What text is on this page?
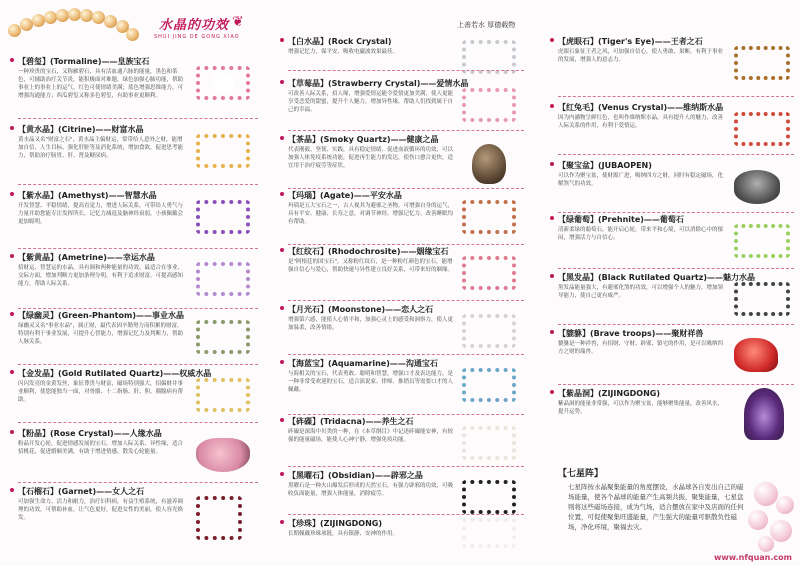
水晶的功效
SHUI JING DE GONG XIAO
❦	上善若水 厚德载物
【碧玺】(Tormaline)——皇族宝石
一种珍贵的宝石，又称雁碧石，具有活血通六脉的能量，黑色和茶色，可辅助治疗关节炎，能积极面对难题，绿色加强心肺功能，帮助事业上的事业上的运气。红色可使情绪美满；蓝色增强思维能力，可增强沟通能力；西瓜碧玺又称多色碧玺，有助事业更顺利。
【黄水晶】(Citrine)——财富水晶
黄水晶又名"财富之石"，黄水晶主偏财运，常带给人意外之财，能增加自信，人生目标、强化肝脏等及消化系统，增加食欲，促进思考能力，帮助治疗肠胃、肝、肾及糖尿病。
【紫水晶】(Amethyst)——智慧水晶
开发智慧、平稳情绪，提高直觉力，增进人际关系，可带给人勇气与力量并助您能专注发挥所长，记忆力减退及脑神经衰弱，小孩佩戴会更加聪明。
【紫黄晶】(Ametrine)——幸运水晶
招财运、智慧运的水晶，具有调和两种能量的功效，最适合在事业、交际方面，增加判断力更加条理分明，有利于追求财富。可提高感知能力，帮助人际关系。
【绿幽灵】(Green-Phantom)——事业水晶
绿幽灵又名"事业水晶"，属正财，最代表因辛勤努力而积累的财富，特别有利于事业发展，可提升心智能力，增强记忆力及判断力，帮助人脉关系。
【金发晶】(Gold Rutilated Quartz)——权威水晶
闪闪发亮的金黄发丝，象征尊贵与财富，磁场特别强大，招偏财并事业顺利，使您能独当一面，对骨骼、十二指肠、肝、胆、胰腺病有帮助。
【粉晶】(Rose Crystal)——人缘水晶
粉晶开发心轮，促进情感发展的宝石，增加人际关系、异性缘，适合招桃花、促进婚姻美满，有助于增进情感，散发心轮能量。
【石榴石】(Garnet)——女人之石
可加强生命力、活力和耐力，治疗妇科病，有益生殖系统，有滋养调理的功效，可帮助补血，让气色更好，促进女性的美丽，使人容光焕发。
【白水晶】(Rock Crystal)
增强记忆力，保平安，吸收电磁波效果最佳。
【草莓晶】(Strawberry Crystal)——爱情水晶
可改善人际关系，招人缘，增强爱情运能令爱情更加美满，使人更能享受恋爱的甜蜜，提升个人魅力，增加异性缘，帮助人们找到属于自己的幸福。
【茶晶】(Smoky Quartz)——健康之晶
代表刚毅、坚韧、实践，具有稳定情绪、促进血液循环的功效，可以加强人体免疫系统功能，促进再生能力的发达，使伤口愈合更快，适宜用于治疗疲劳等症状。
【玛瑙】(Agate)——平安水晶
玛瑙是五大宝石之一，古人视其为避邪之圣物，可增强自身的运气，具有平安、健康、长寿之意，对调节神经、增强记忆力、改善睡眠均有帮助。
【红纹石】(Rhodochrosite)——姻缘宝石
是"阿根廷的国宝石"，又称粉红纹石，是一种粉红颜色的宝石，能增强自信心与爱心，帮助快速与异性建立良好关系，可带来好的姻缘。
【月光石】(Moonstone)——恋人之石
增强第六感，能使人心情平和，加强心灵上的感受和洞察力，使人更加温柔，改善情绪。
【海蓝宝】(Aquamarine)——沟通宝石
与海相关的宝石，代表勇敢、聪明和智慧，增强口才及表达能力，是一种非常受欢迎的宝石，适合演说家、律师、推销员等需要口才的人佩戴。
【砗磲】(Tridacna)——养生之石
砗磲是深海中贝类的一种，在《本草纲目》中记述砗磲能安神，有较强的能量磁场，能使人心神宁静，增强免疫功能。
【黑曜石】(Obsidian)——辟邪之晶
黑曜石是一种火山爆发后形成的天然宝石，有强力辟邪的功效，可吸收负面能量，增强人体能量，消除疲劳。
【珍珠】(ZIJINGDONG)
长期佩戴珍珠项链，具有镇静、安神的作用。
【虎眼石】(Tiger's Eye)——王者之石
虎眼石象征王者之风，可加强自信心，使人勇敢、果断，有利于事业的发展，增强人的意志力。
【红兔毛】(Venus Crystal)——维纳斯水晶
因为内涵物呈鲜红色，也叫作维纳斯水晶，具有提升人的魅力，改善人际关系的作用，有利于爱情运。
【聚宝盆】(JUBAOPEN)
可以作为聚宝盆，使财源广进，吸纳四方之财，同时有稳定磁场，化解煞气的功效。
【绿葡萄】(Prehnite)——葡萄石
清新柔绿的葡萄石，能开启心轮，带来平和心境，可以消除心中的郁闷，增强活力与自信心。
【黑发晶】(Black Rutilated Quartz)——魅力水晶
黑发晶能量强大，有避邪化煞的功效，可以增强个人的魅力，增加领导能力，使自己更有威严。
【貔貅】(Brave troops)——聚财祥兽
貔貅是一种祥兽，有招财、守财、辟邪、镇宅的作用，是可以吸纳四方之财的瑞兽。
【紫晶洞】(ZIJINGDONG)
紫晶洞的能量非常强，可以作为聚宝盆，能够聚集能量，改善风水，提升运势。
【七星阵】
七星阵按水晶聚集能量的角度摆设，水晶球各自发出自己的磁场能量，使各个晶球的能量产生高频共振，聚集能量，七星盘则将这些磁场连接，成为气场，适合摆放在家中及店面的任何位置，可促使聚集旺盛能量，产生强大的能量可驱散负性磁场，净化环境，聚福去灾。
www.nfquan.com
